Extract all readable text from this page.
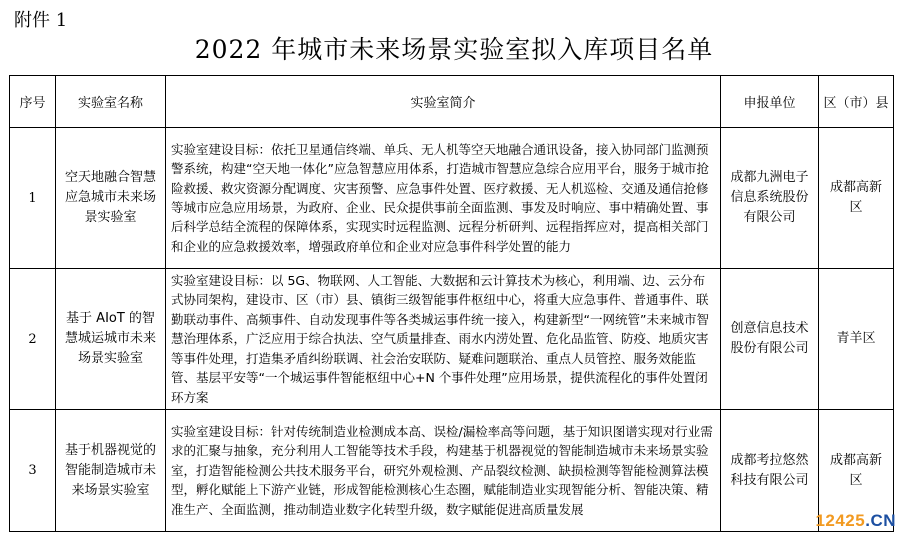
附件 1
2022 年城市未来场景实验室拟入库项目名单
序号	实验室名称	实验室简介	申报单位	区（市）县
1	空天地融合智慧应急城市未来场景实验室	实验室建设目标：依托卫星通信终端、单兵、无人机等空天地融合通讯设备，接入协同部门监测预警系统，构建“空天地一体化”应急智慧应用体系，打造城市智慧应急综合应用平台，服务于城市抢险救援、救灾资源分配调度、灾害预警、应急事件处置、医疗救援、无人机巡检、交通及通信抢修等城市应急应用场景，为政府、企业、民众提供事前全面监测、事发及时响应、事中精确处置、事后科学总结全流程的保障体系，实现实时远程监测、远程分析研判、远程指挥应对，提高相关部门和企业的应急救援效率，增强政府单位和企业对应急事件科学处置的能力	成都九洲电子信息系统股份有限公司	成都高新区
2	基于 AIoT 的智慧城运城市未来场景实验室	实验室建设目标：以 5G、物联网、人工智能、大数据和云计算技术为核心，利用端、边、云分布式协同架构，建设市、区（市）县、镇街三级智能事件枢纽中心，将重大应急事件、普通事件、联勤联动事件、高频事件、自动发现事件等各类城运事件统一接入，构建新型“一网统管”未来城市智慧治理体系，广泛应用于综合执法、空气质量排查、雨水内涝处置、危化品监管、防疫、地质灾害等事件处理，打造集矛盾纠纷联调、社会治安联防、疑难问题联治、重点人员管控、服务效能监管、基层平安等“一个城运事件智能枢纽中心+N 个事件处理”应用场景，提供流程化的事件处置闭环方案	创意信息技术股份有限公司	青羊区
3	基于机器视觉的智能制造城市未来场景实验室	实验室建设目标：针对传统制造业检测成本高、误检/漏检率高等问题，基于知识图谱实现对行业需求的汇聚与抽象，充分利用人工智能等技术手段，构建基于机器视觉的智能制造城市未来场景实验室，打造智能检测公共技术服务平台，研究外观检测、产品裂纹检测、缺损检测等智能检测算法模型，孵化赋能上下游产业链，形成智能检测核心生态圈，赋能制造业实现智能分析、智能决策、精准生产、全面监测，推动制造业数字化转型升级，数字赋能促进高质量发展	成都考拉悠然科技有限公司	成都高新区
12425.CN
